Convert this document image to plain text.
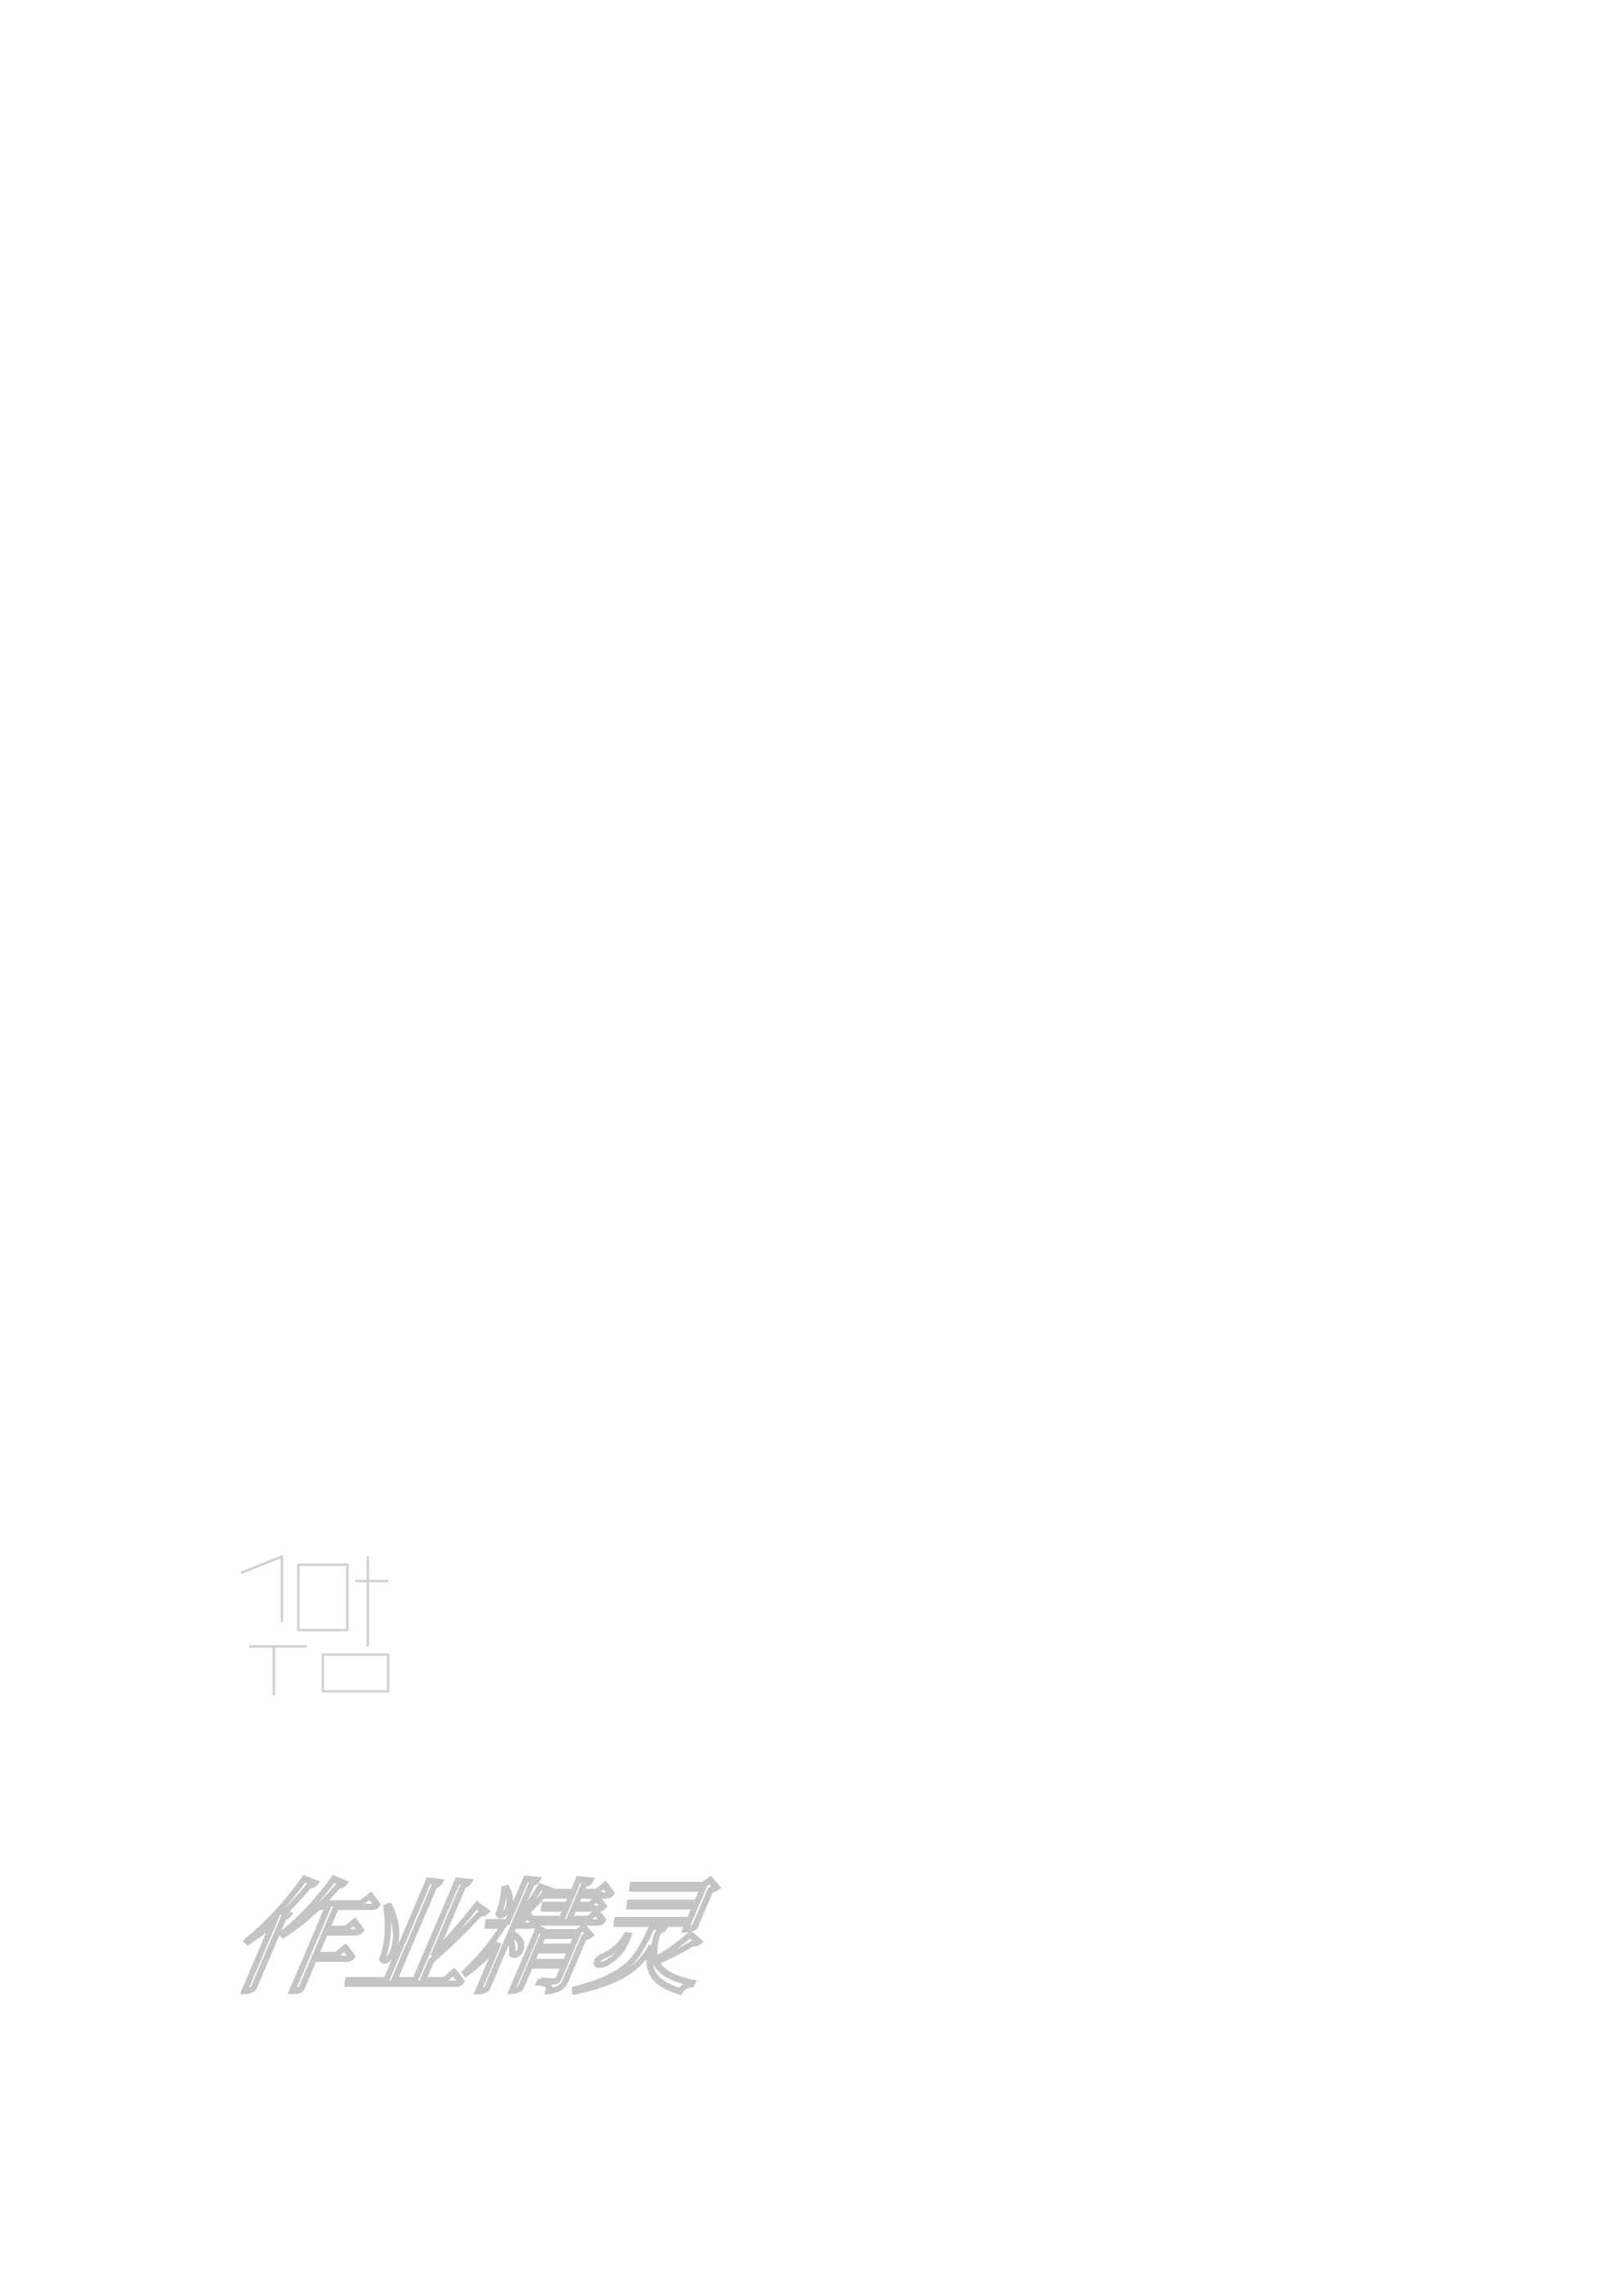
作业精灵
